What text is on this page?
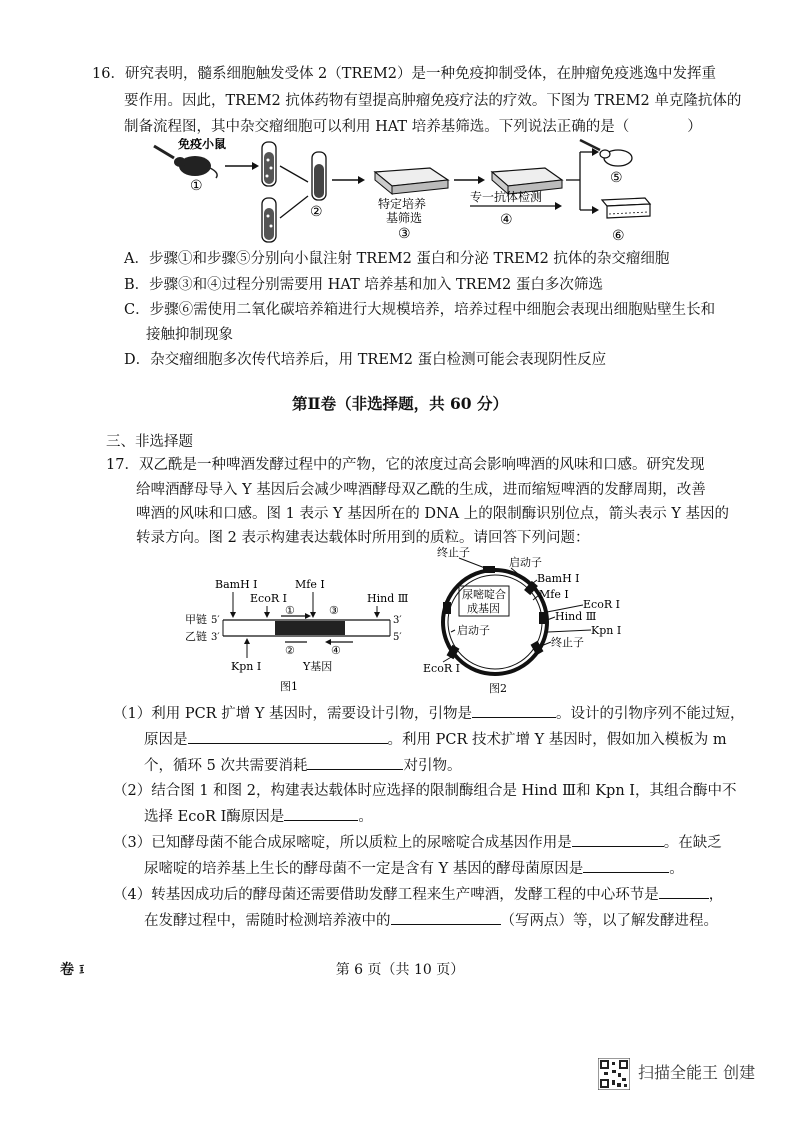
16．研究表明，髓系细胞触发受体 2（TREM2）是一种免疫抑制受体，在肿瘤免疫逃逸中发挥重
要作用。因此，TREM2 抗体药物有望提高肿瘤免疫疗法的疗效。下图为 TREM2 单克隆抗体的
制备流程图，其中杂交瘤细胞可以利用 HAT 培养基筛选。下列说法正确的是（　　　　）
免疫小鼠
①
②	特定培养
基筛选
③
专一抗体检测
④
⑤
⑥
A．步骤①和步骤⑤分别向小鼠注射 TREM2 蛋白和分泌 TREM2 抗体的杂交瘤细胞
B．步骤③和④过程分别需要用 HAT 培养基和加入 TREM2 蛋白多次筛选
C．步骤⑥需使用二氧化碳培养箱进行大规模培养，培养过程中细胞会表现出细胞贴壁生长和
接触抑制现象
D．杂交瘤细胞多次传代培养后，用 TREM2 蛋白检测可能会表现阴性反应
第Ⅱ卷（非选择题，共 60 分）
三、非选择题
17．双乙酰是一种啤酒发酵过程中的产物，它的浓度过高会影响啤酒的风味和口感。研究发现
给啤酒酵母导入 Y 基因后会减少啤酒酵母双乙酰的生成，进而缩短啤酒的发酵周期，改善
啤酒的风味和口感。图 1 表示 Y 基因所在的 DNA 上的限制酶识别位点，箭头表示 Y 基因的
转录方向。图 2 表示构建表达载体时所用到的质粒。请回答下列问题：
BamH Ⅰ
EcoR Ⅰ
Mfe Ⅰ
Hind Ⅲ
甲链 5′
乙链 3′
3′
5′
①	③
②	④
Kpn Ⅰ	Y基因
图1
尿嘧啶合
成基因
启动子
终止子
启动子
BamH Ⅰ
Mfe Ⅰ
EcoR Ⅰ
Hind Ⅲ
Kpn Ⅰ
终止子
EcoR Ⅰ
图2
（1）利用 PCR 扩增 Y 基因时，需要设计引物，引物是	。设计的引物序列不能过短，
原因是	。利用 PCR 技术扩增 Y 基因时，假如加入模板为 m
个，循环 5 次共需要消耗	对引物。
（2）结合图 1 和图 2，构建表达载体时应选择的限制酶组合是 Hind Ⅲ和 Kpn Ⅰ，其组合酶中不
选择 EcoR Ⅰ酶原因是	。
（3）已知酵母菌不能合成尿嘧啶，所以质粒上的尿嘧啶合成基因作用是	。在缺乏
尿嘧啶的培养基上生长的酵母菌不一定是含有 Y 基因的酵母菌原因是	。
（4）转基因成功后的酵母菌还需要借助发酵工程来生产啤酒，发酵工程的中心环节是	，
在发酵过程中，需随时检测培养液中的	（写两点）等，以了解发酵进程。
卷 ፤	第 6 页（共 10 页）
扫描全能王 创建
